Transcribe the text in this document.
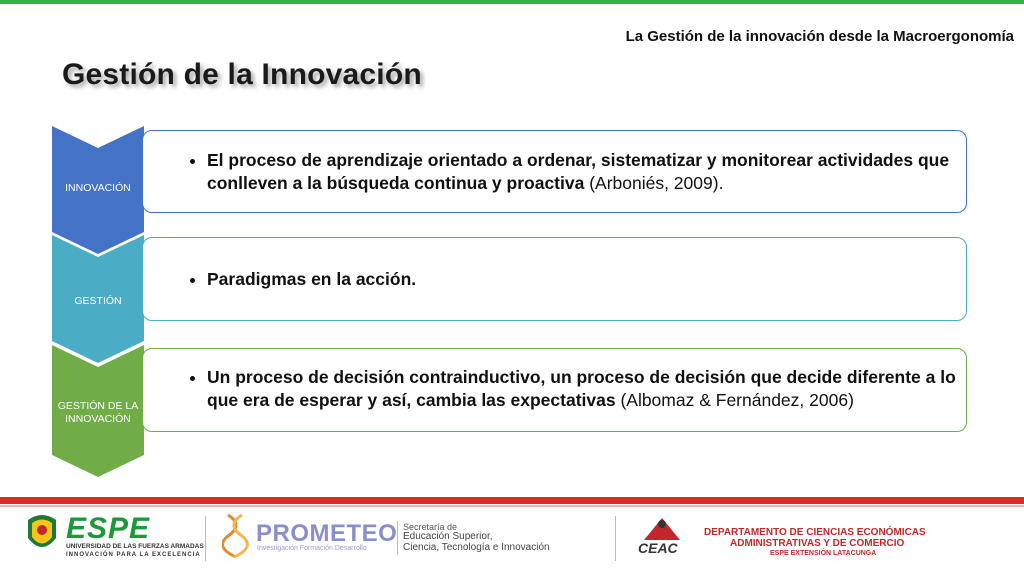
La Gestión de la innovación desde la Macroergonomía
Gestión de la Innovación
INNOVACIÓN
• El proceso de aprendizaje orientado a ordenar, sistematizar y monitorear actividades que conlleven a la búsqueda continua y proactiva (Arboniés, 2009).
GESTIÓN
• Paradigmas en la acción.
GESTIÓN DE LA INNOVACIÓN
• Un proceso de decisión contrainductivo, un proceso de decisión que decide diferente a lo que era de esperar y así, cambia las expectativas (Albomaz & Fernández, 2006)
ESPE
UNIVERSIDAD DE LAS FUERZAS ARMADAS
INNOVACIÓN PARA LA EXCELENCIA
PROMETEO
Investigación Formación Desarrollo
Secretaría de
Educación Superior,
Ciencia, Tecnología e Innovación	CEAC
DEPARTAMENTO DE CIENCIAS ECONÓMICAS
ADMINISTRATIVAS Y DE COMERCIO
ESPE EXTENSIÓN LATACUNGA
